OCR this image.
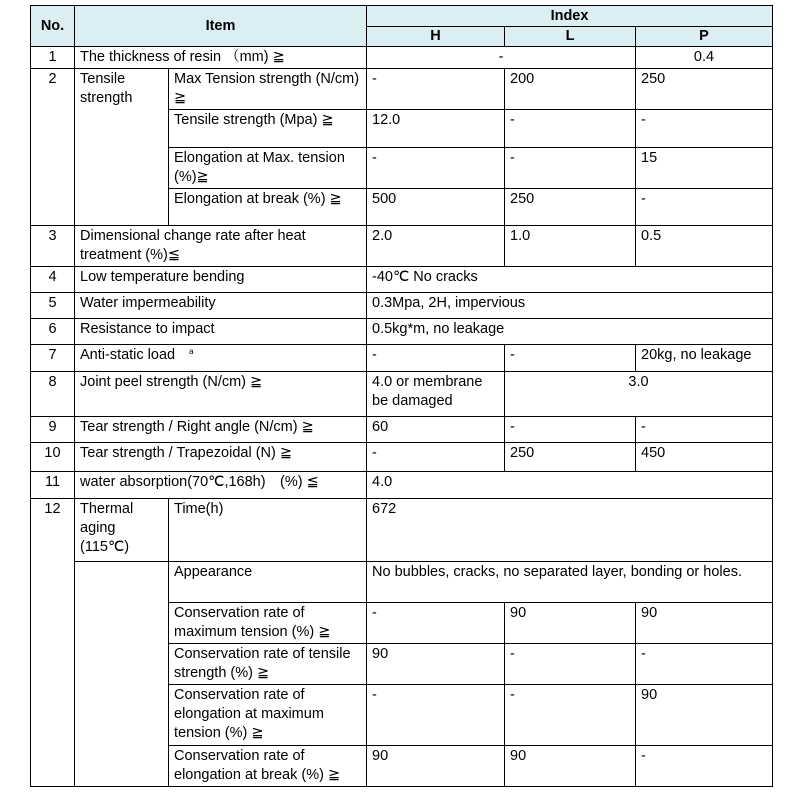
No.	Item		Index		
			H	L	P
1	The thickness of resin （mm) ≧		-		0.4
2	Tensile strength	Max Tension strength (N/cm) ≧	-	200	250
		Tensile strength (Mpa) ≧	12.0	-	-
		Elongation at Max. tension (%)≧	-	-	15
		Elongation at break (%) ≧	500	250	-
3	Dimensional change rate after heat treatment (%)≦		2.0	1.0	0.5
4	Low temperature bending		-40℃ No cracks		
5	Water impermeability		0.3Mpa, 2H, impervious		
6	Resistance to impact		0.5kg*m, no leakage		
7	Anti-static load $^a$		-	-	20kg, no leakage
8	Joint peel strength (N/cm) ≧		4.0 or membrane be damaged	3.0	
9	Tear strength / Right angle (N/cm) ≧		60	-	-
10	Tear strength / Trapezoidal (N) ≧		-	250	450
11	water absorption(70℃,168h)　(%) ≦		4.0		
12	Thermal aging (115℃)	Time(h)	672		
		Appearance	No bubbles, cracks, no separated layer, bonding or holes.		
		Conservation rate of maximum tension (%) ≧	-	90	90
		Conservation rate of tensile strength (%) ≧	90	-	-
		Conservation rate of elongation at maximum tension (%) ≧	-	-	90
		Conservation rate of elongation at break (%) ≧	90	90	-
